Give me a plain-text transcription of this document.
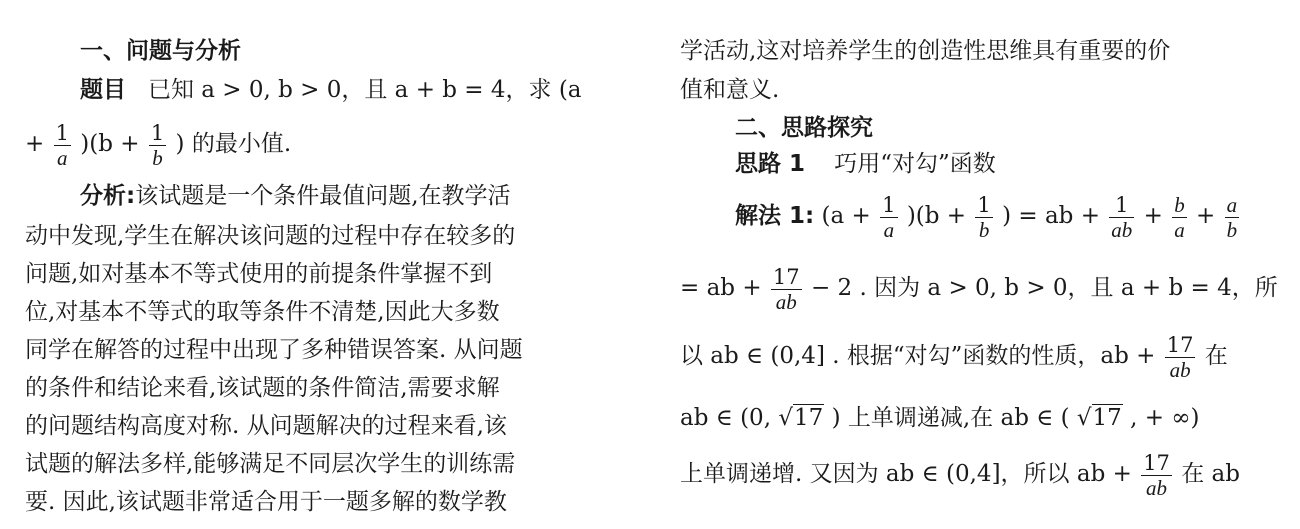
一、问题与分析
题目 已知 a > 0, b > 0，且 a + b = 4，求 (a
+ $\frac{1}{a} )(b + \frac{1}{b}$ ) 的最小值.
分析:该试题是一个条件最值问题,在教学活
动中发现,学生在解决该问题的过程中存在较多的
问题,如对基本不等式使用的前提条件掌握不到
位,对基本不等式的取等条件不清楚,因此大多数
同学在解答的过程中出现了多种错误答案. 从问题
的条件和结论来看,该试题的条件简洁,需要求解
的问题结构高度对称. 从问题解决的过程来看,该
试题的解法多样,能够满足不同层次学生的训练需
要. 因此,该试题非常适合用于一题多解的数学教
学活动,这对培养学生的创造性思维具有重要的价
值和意义.
二、思路探究
思路 1 巧用“对勾”函数
解法 1: $(a + \frac{1}{a} )(b + \frac{1}{b}$ ) = ab + $\frac{1}{ab} + \frac{b}{a} + \frac{a}{b}$
= ab + $\frac{17}{ab} - 2$ . 因为 a > 0, b > 0，且 a + b = 4，所
以 ab ∈ (0,4] . 根据“对勾”函数的性质，ab + $\frac{17}{ab}$ 在
ab ∈ (0, √ 17 ) 上单调递减,在 ab ∈ ( √ 17 , + ∞)
上单调递增. 又因为 ab ∈ (0,4]，所以 ab + $\frac{17}{ab}$ 在 ab
